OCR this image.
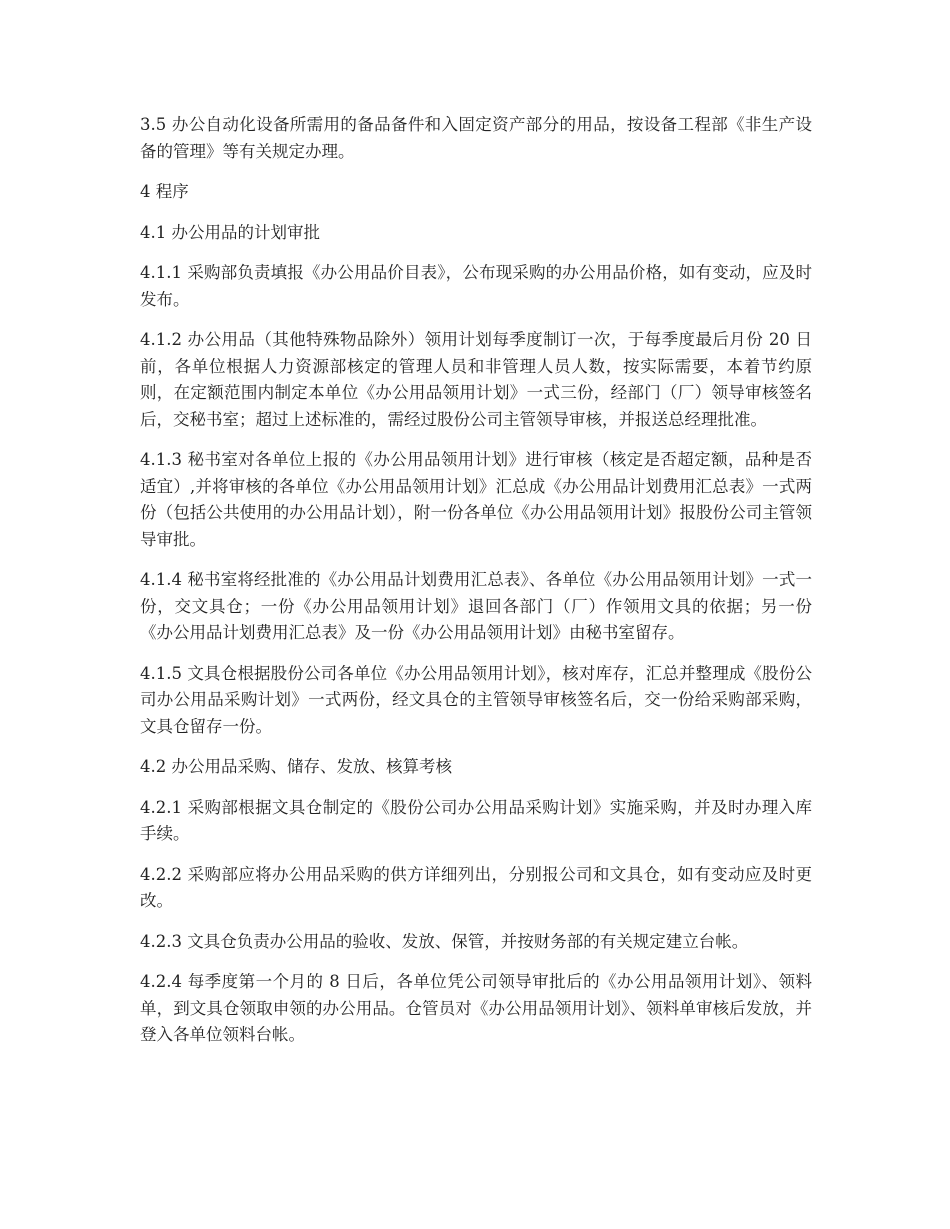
3.5 办公自动化设备所需用的备品备件和入固定资产部分的用品，按设备工程部《非生产设备的管理》等有关规定办理。

4 程序

4.1 办公用品的计划审批

4.1.1 采购部负责填报《办公用品价目表》，公布现采购的办公用品价格，如有变动，应及时发布。

4.1.2 办公用品（其他特殊物品除外）领用计划每季度制订一次，于每季度最后月份 20 日前，各单位根据人力资源部核定的管理人员和非管理人员人数，按实际需要，本着节约原则，在定额范围内制定本单位《办公用品领用计划》一式三份，经部门（厂）领导审核签名后，交秘书室；超过上述标准的，需经过股份公司主管领导审核，并报送总经理批准。

4.1.3 秘书室对各单位上报的《办公用品领用计划》进行审核（核定是否超定额，品种是否适宜）,并将审核的各单位《办公用品领用计划》汇总成《办公用品计划费用汇总表》一式两份（包括公共使用的办公用品计划），附一份各单位《办公用品领用计划》报股份公司主管领导审批。

4.1.4 秘书室将经批准的《办公用品计划费用汇总表》、各单位《办公用品领用计划》一式一份，交文具仓；一份《办公用品领用计划》退回各部门（厂）作领用文具的依据；另一份《办公用品计划费用汇总表》及一份《办公用品领用计划》由秘书室留存。

4.1.5 文具仓根据股份公司各单位《办公用品领用计划》，核对库存，汇总并整理成《股份公司办公用品采购计划》一式两份，经文具仓的主管领导审核签名后，交一份给采购部采购，文具仓留存一份。

4.2 办公用品采购、储存、发放、核算考核

4.2.1 采购部根据文具仓制定的《股份公司办公用品采购计划》实施采购，并及时办理入库手续。

4.2.2 采购部应将办公用品采购的供方详细列出，分别报公司和文具仓，如有变动应及时更改。

4.2.3 文具仓负责办公用品的验收、发放、保管，并按财务部的有关规定建立台帐。

4.2.4 每季度第一个月的 8 日后，各单位凭公司领导审批后的《办公用品领用计划》、领料单，到文具仓领取申领的办公用品。仓管员对《办公用品领用计划》、领料单审核后发放，并登入各单位领料台帐。
